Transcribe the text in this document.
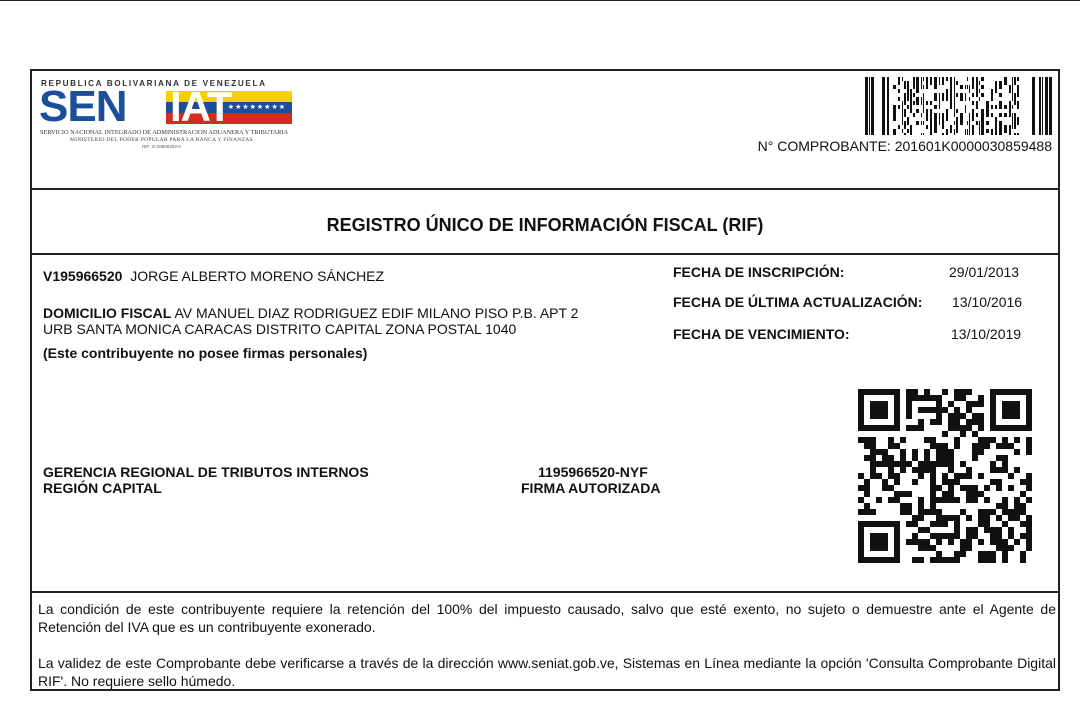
REPUBLICA BOLIVARIANA DE VENEZUELA
SEN	★★★★★★★★
IAT
SERVICIO NACIONAL INTEGRADO DE ADMINISTRACION ADUANERA Y TRIBUTARIA
MINISTERIO DEL PODER POPULAR PARA LA BANCA Y FINANZAS
RIF: G-20000303-0	N° COMPROBANTE: 201601K0000030859488
REGISTRO ÚNICO DE INFORMACIÓN FISCAL (RIF)
V195966520 JORGE ALBERTO MORENO SÁNCHEZ
DOMICILIO FISCAL AV MANUEL DIAZ RODRIGUEZ EDIF MILANO PISO P.B. APT 2
URB SANTA MONICA CARACAS DISTRITO CAPITAL ZONA POSTAL 1040
(Este contribuyente no posee firmas personales)
FECHA DE INSCRIPCIÓN:	29/01/2013
FECHA DE ÚLTIMA ACTUALIZACIÓN: 13/10/2016
FECHA DE VENCIMIENTO:	13/10/2019
GERENCIA REGIONAL DE TRIBUTOS INTERNOS
REGIÓN CAPITAL
1195966520-NYF
FIRMA AUTORIZADA
La condición de este contribuyente requiere la retención del 100% del impuesto causado, salvo que esté exento, no sujeto o demuestre ante el Agente de Retención del IVA que es un contribuyente exonerado.
La validez de este Comprobante debe verificarse a través de la dirección www.seniat.gob.ve, Sistemas en Línea mediante la opción 'Consulta Comprobante Digital RIF'. No requiere sello húmedo.
